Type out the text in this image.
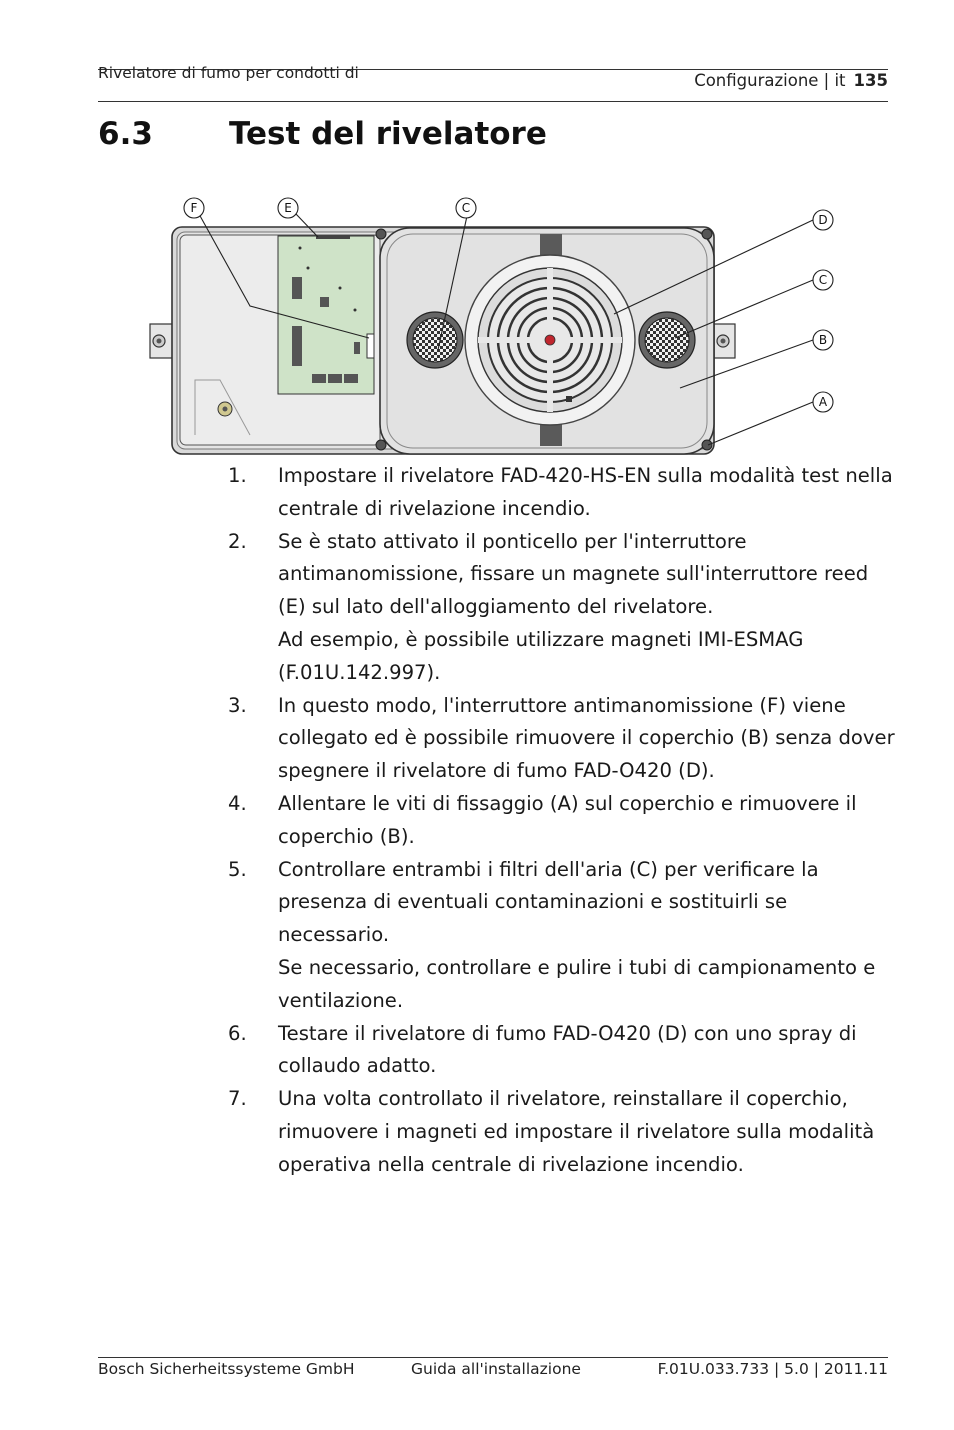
Rivelatore di fumo per condotti di	Configurazione | it 135
6.3 Test del rivelatore
F	E	C
D
C
B
A
1. Impostare il rivelatore FAD-420-HS-EN sulla modalità test nella centrale di rivelazione incendio.

2. Se è stato attivato il ponticello per l'interruttore antimanomissione, fissare un magnete sull'interruttore reed (E) sul lato dell'alloggiamento del rivelatore.

Ad esempio, è possibile utilizzare magneti IMI-ESMAG (F.01U.142.997).

3. In questo modo, l'interruttore antimanomissione (F) viene collegato ed è possibile rimuovere il coperchio (B) senza dover spegnere il rivelatore di fumo FAD-O420 (D).

4. Allentare le viti di fissaggio (A) sul coperchio e rimuovere il coperchio (B).

5. Controllare entrambi i filtri dell'aria (C) per verificare la presenza di eventuali contaminazioni e sostituirli se necessario.

Se necessario, controllare e pulire i tubi di campionamento e ventilazione.

6. Testare il rivelatore di fumo FAD-O420 (D) con uno spray di collaudo adatto.

7. Una volta controllato il rivelatore, reinstallare il coperchio, rimuovere i magneti ed impostare il rivelatore sulla modalità operativa nella centrale di rivelazione incendio.

Bosch Sicherheitssysteme GmbH	Guida all'installazione	F.01U.033.733 | 5.0 | 2011.11
